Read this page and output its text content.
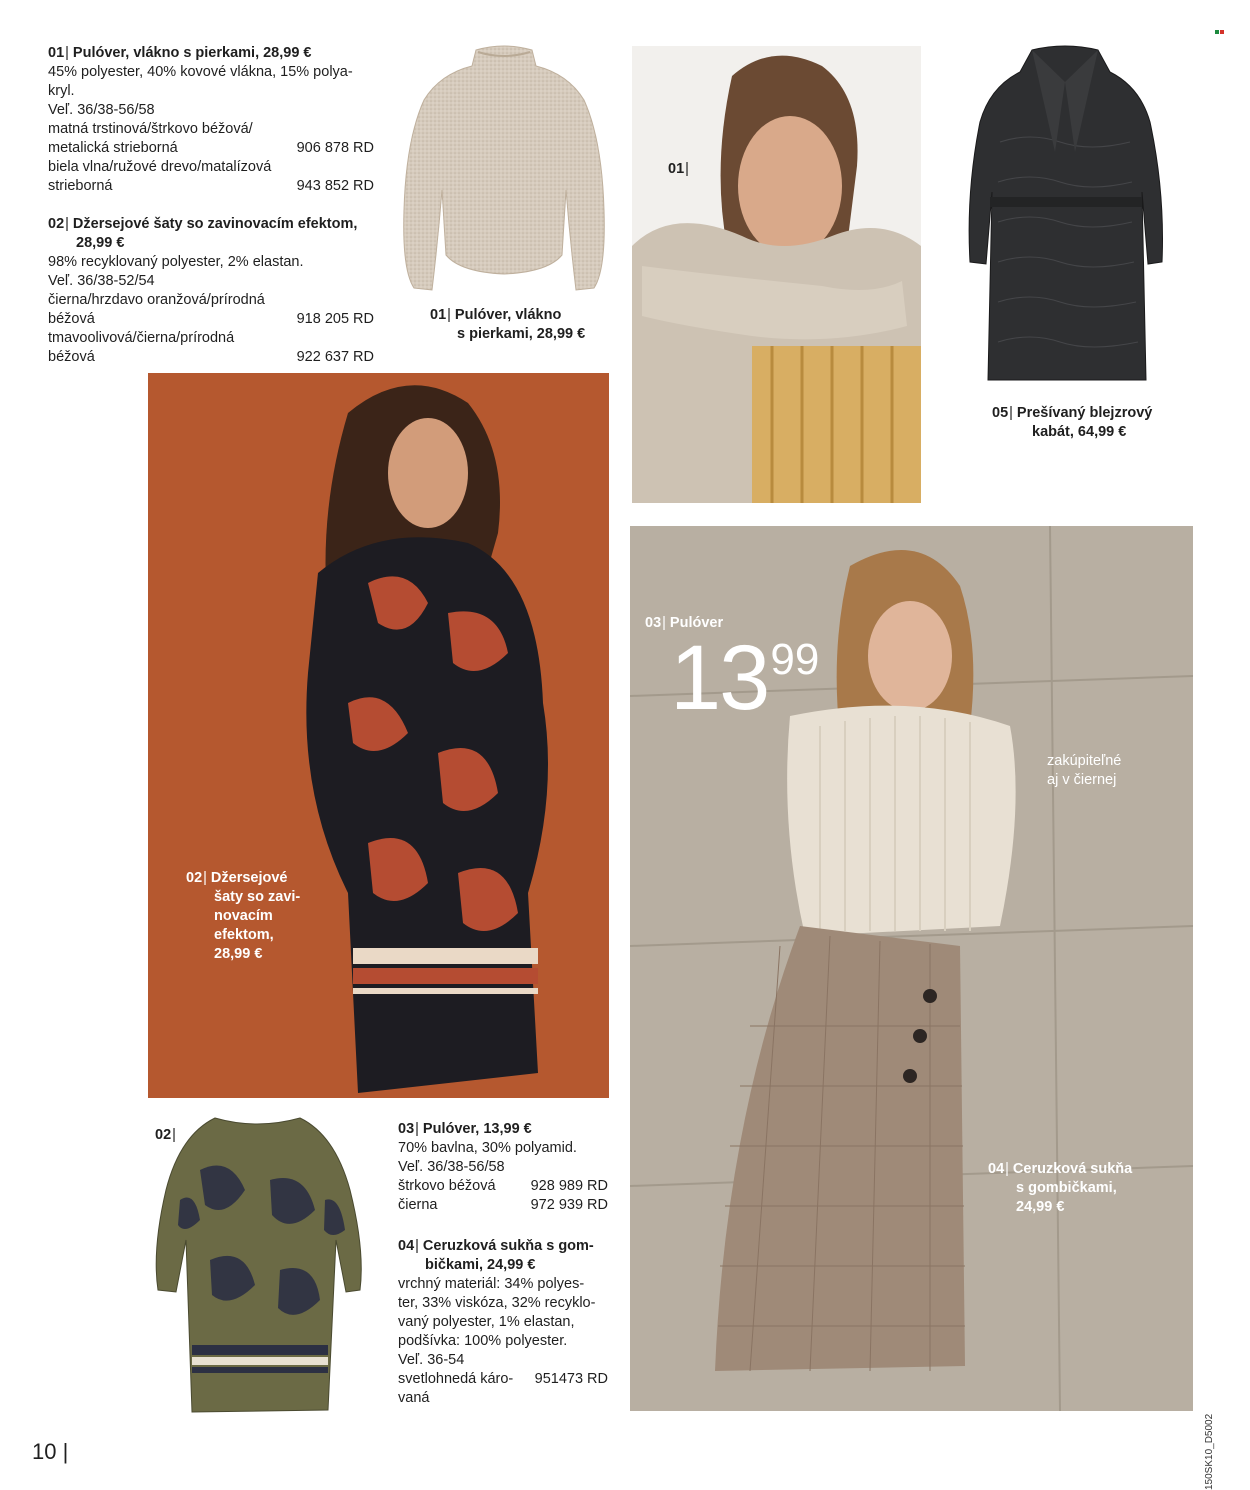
01| Pulóver, vlákno s pierkami, 28,99 €
45% polyester, 40% kovové vlákna, 15% polya-
kryl.
Veľ. 36/38-56/58
matná trstinová/štrkovo béžová/
metalická strieborná	906 878 RD
biela vlna/ružové drevo/matalízová
strieborná	943 852 RD
02| Džersejové šaty so zavinovacím efektom,
28,99 €
98% recyklovaný polyester, 2% elastan.
Veľ. 36/38-52/54
čierna/hrzdavo oranžová/prírodná
béžová	918 205 RD
tmavoolivová/čierna/prírodná
béžová	922 637 RD
01| Pulóver, vlákno
s pierkami, 28,99 €
01|
05| Prešívaný blejzrový
kabát, 64,99 €
02| Džersejové
šaty so zavi-
novacím
efektom,
28,99 €
02|	03| Pulóver, 13,99 €
70% bavlna, 30% polyamid.
Veľ. 36/38-56/58
štrkovo béžová	928 989 RD
čierna	972 939 RD
04| Ceruzková sukňa s gom-
bičkami, 24,99 €
vrchný materiál: 34% polyes-
ter, 33% viskóza, 32% recyklo-
vaný polyester, 1% elastan,
podšívka: 100% polyester.
Veľ. 36-54
svetlohnedá káro-	951473 RD
vaná
03| Pulóver
1399
zakúpiteľné
aj v čiernej
04| Ceruzková sukňa
s gombičkami,
24,99 €
10 |	150SK10_D5002
